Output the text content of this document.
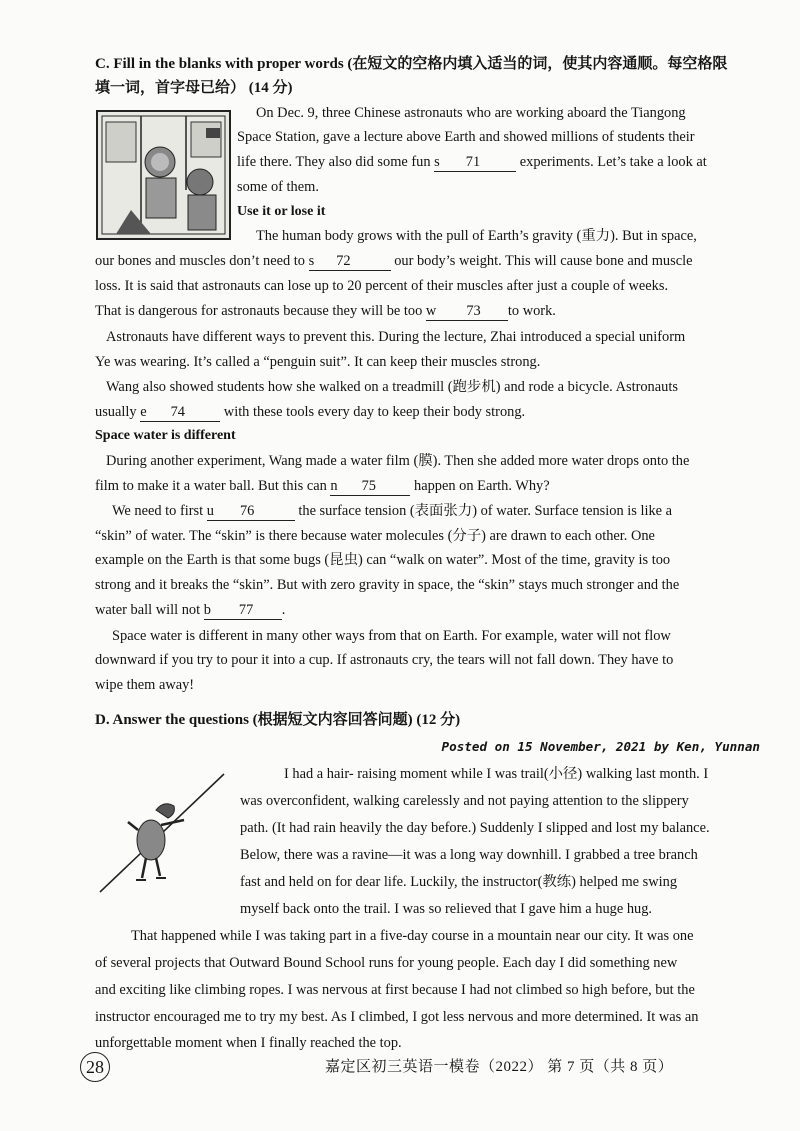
C. Fill in the blanks with proper words (在短文的空格内填入适当的词，使其内容通顺。每空格限
填一词，首字母已给） (14 分)
On Dec. 9, three Chinese astronauts who are working aboard the Tiangong
Space Station, gave a lecture above Earth and showed millions of students their
life there. They also did some fun s 71	experiments. Let’s take a look at
some of them.
Use it or lose it
The human body grows with the pull of Earth’s gravity (重力). But in space,
our bones and muscles don’t need to s 72	our body’s weight. This will cause bone and muscle
loss. It is said that astronauts can lose up to 20 percent of their muscles after just a couple of weeks.
That is dangerous for astronauts because they will be too w 73 to work.
Astronauts have different ways to prevent this. During the lecture, Zhai introduced a special uniform
Ye was wearing. It’s called a “penguin suit”. It can keep their muscles strong.
Wang also showed students how she walked on a treadmill (跑步机) and rode a bicycle. Astronauts
usually e 74	with these tools every day to keep their body strong.
Space water is different
During another experiment, Wang made a water film (膜). Then she added more water drops onto the
film to make it a water ball. But this can n 75	happen on Earth. Why?
We need to first u 76	the surface tension (表面张力) of water. Surface tension is like a
“skin” of water. The “skin” is there because water molecules (分子) are drawn to each other. One
example on the Earth is that some bugs (昆虫) can “walk on water”. Most of the time, gravity is too
strong and it breaks the “skin”. But with zero gravity in space, the “skin” stays much stronger and the
water ball will not b 77 .
Space water is different in many other ways from that on Earth. For example, water will not flow
downward if you try to pour it into a cup. If astronauts cry, the tears will not fall down. They have to
wipe them away!
D. Answer the questions (根据短文内容回答问题) (12 分)
Posted on 15 November, 2021 by Ken, Yunnan
I had a hair- raising moment while I was trail(小径) walking last month. I
was overconfident, walking carelessly and not paying attention to the slippery
path. (It had rain heavily the day before.) Suddenly I slipped and lost my balance.
Below, there was a ravine—it was a long way downhill. I grabbed a tree branch
fast and held on for dear life. Luckily, the instructor(教练) helped me swing
myself back onto the trail. I was so relieved that I gave him a huge hug.
That happened while I was taking part in a five-day course in a mountain near our city. It was one
of several projects that Outward Bound School runs for young people. Each day I did something new
and exciting like climbing ropes. I was nervous at first because I had not climbed so high before, but the
instructor encouraged me to try my best. As I climbed, I got less nervous and more determined. It was an
unforgettable moment when I finally reached the top.
28	嘉定区初三英语一模卷（2022） 第 7 页（共 8 页）
